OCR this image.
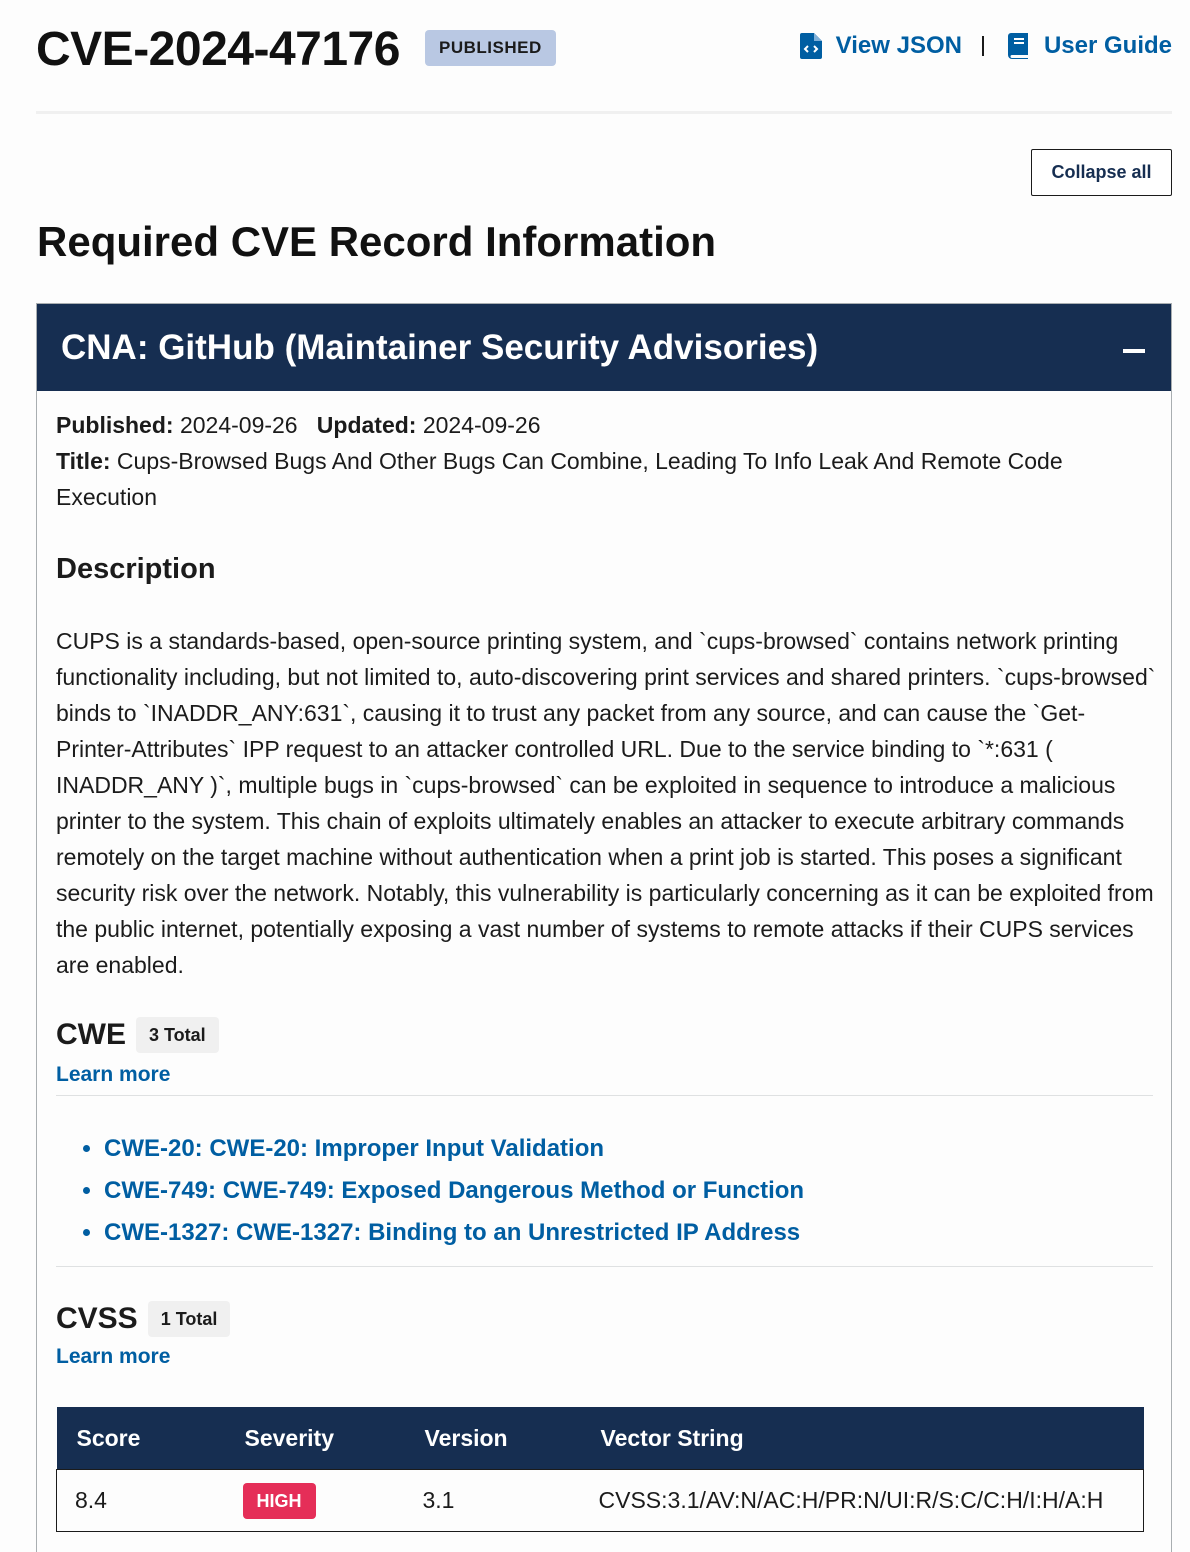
CVE-2024-47176	PUBLISHED	View JSON	User Guide
Collapse all
Required CVE Record Information
CNA: GitHub (Maintainer Security Advisories)
Published: 2024-09-26 Updated: 2024-09-26
Title: Cups-Browsed Bugs And Other Bugs Can Combine, Leading To Info Leak And Remote Code Execution
Description

CUPS is a standards-based, open-source printing system, and `cups-browsed` contains network printing functionality including, but not limited to, auto-discovering print services and shared printers. `cups-browsed` binds to `INADDR_ANY:631`, causing it to trust any packet from any source, and can cause the `Get-Printer-Attributes` IPP request to an attacker controlled URL. Due to the service binding to `*:631 ( INADDR_ANY )`, multiple bugs in `cups-browsed` can be exploited in sequence to introduce a malicious printer to the system. This chain of exploits ultimately enables an attacker to execute arbitrary commands remotely on the target machine without authentication when a print job is started. This poses a significant security risk over the network. Notably, this vulnerability is particularly concerning as it can be exploited from the public internet, potentially exposing a vast number of systems to remote attacks if their CUPS services are enabled.

CWE	3 Total
Learn more
• CWE-20: CWE-20: Improper Input Validation
• CWE-749: CWE-749: Exposed Dangerous Method or Function
• CWE-1327: CWE-1327: Binding to an Unrestricted IP Address
CVSS	1 Total
Learn more
Score	Severity	Version	Vector String
8.4	HIGH	3.1	CVSS:3.1/AV:N/AC:H/PR:N/UI:R/S:C/C:H/I:H/A:H
